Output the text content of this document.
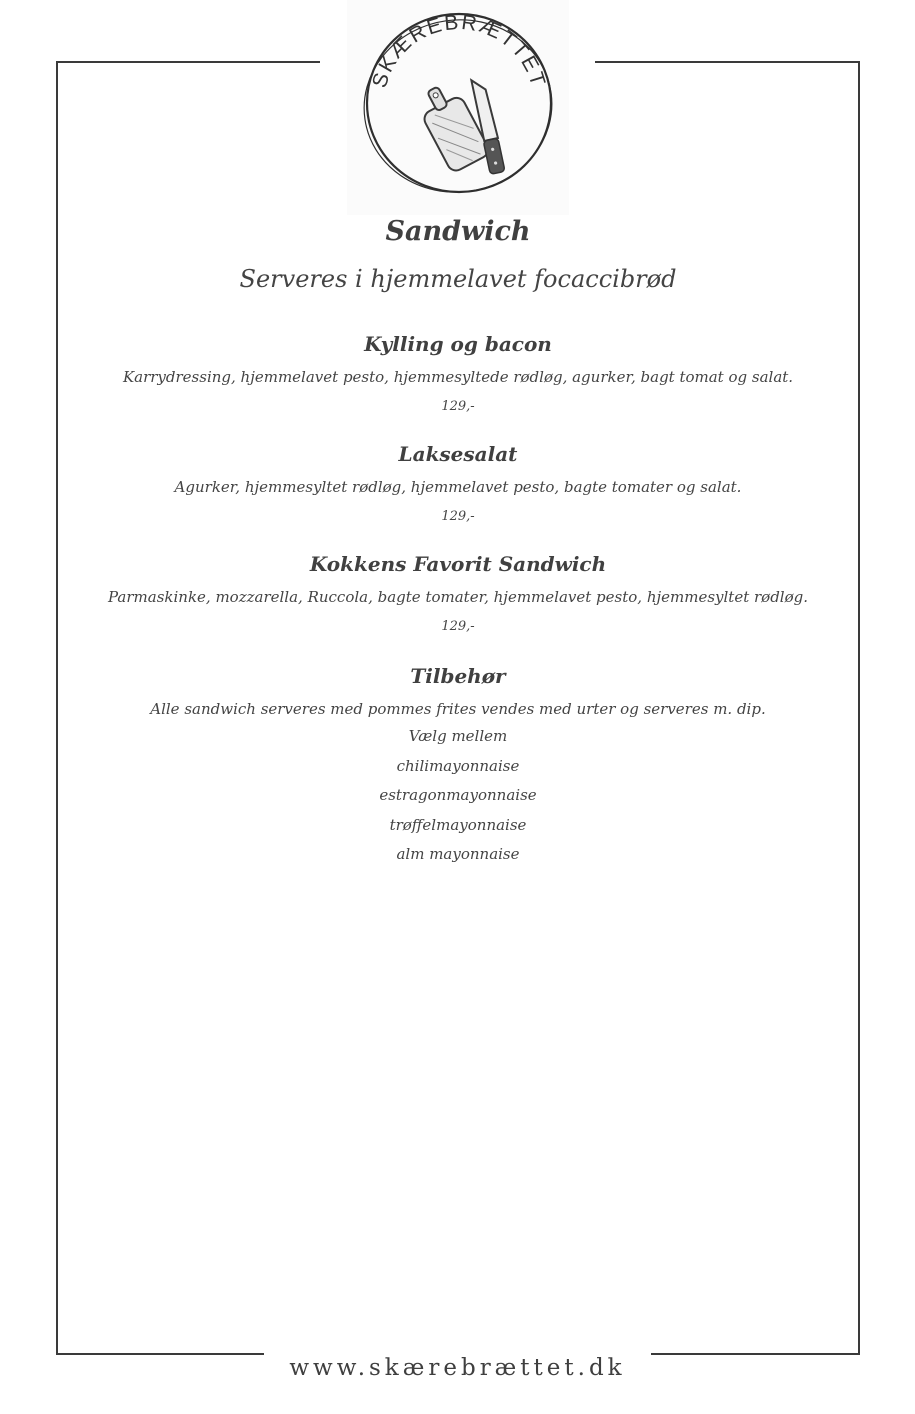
SKÆREBRÆTTET
Sandwich

Serveres i hjemmelavet focaccibrød

Kylling og bacon

Karrydressing, hjemmelavet pesto, hjemmesyltede rødløg, agurker, bagt tomat og salat.

129,-

Laksesalat

Agurker, hjemmesyltet rødløg, hjemmelavet pesto, bagte tomater og salat.

129,-

Kokkens Favorit Sandwich

Parmaskinke, mozzarella, Ruccola, bagte tomater, hjemmelavet pesto, hjemmesyltet rødløg.

129,-

Tilbehør

Alle sandwich serveres med pommes frites vendes med urter og serveres m. dip.

Vælg mellem

chilimayonnaise

estragonmayonnaise

trøffelmayonnaise

alm mayonnaise

www.skærebrættet.dk
